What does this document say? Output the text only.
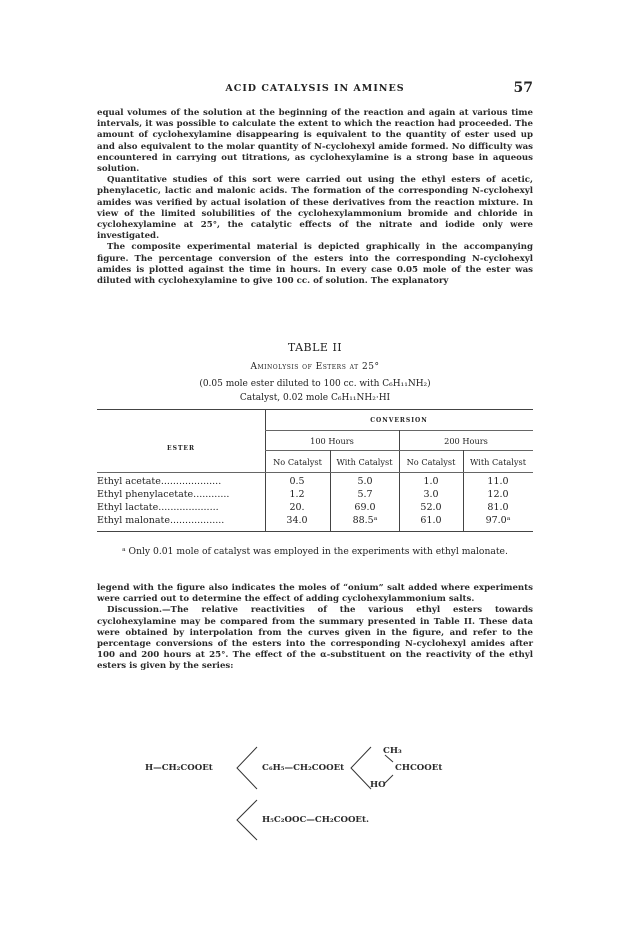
ACID CATALYSIS IN AMINES	57

equal volumes of the solution at the beginning of the reaction and again at various time intervals, it was possible to calculate the extent to which the reaction had proceeded. The amount of cyclohexylamine disappearing is equivalent to the quantity of ester used up and also equivalent to the molar quantity of N-cyclohexyl amide formed. No difficulty was encountered in carrying out titrations, as cyclohexylamine is a strong base in aqueous solution.

Quantitative studies of this sort were carried out using the ethyl esters of acetic, phenylacetic, lactic and malonic acids. The formation of the corresponding N-cyclohexyl amides was verified by actual isolation of these derivatives from the reaction mixture. In view of the limited solubilities of the cyclohexylammonium bromide and chloride in cyclohexylamine at 25°, the catalytic effects of the nitrate and iodide only were investigated.

The composite experimental material is depicted graphically in the accompanying figure. The percentage conversion of the esters into the corresponding N-cyclohexyl amides is plotted against the time in hours. In every case 0.05 mole of the ester was diluted with cyclohexylamine to give 100 cc. of solution. The explanatory

TABLE II
Aminolysis of Esters at 25°
(0.05 mole ester diluted to 100 cc. with C₆H₁₁NH₂)
Catalyst, 0.02 mole C₆H₁₁NH₂·HI
ESTER
CONVERSION
100 Hours	200 Hours
No Catalyst	With Catalyst	No Catalyst	With Catalyst
Ethyl acetate....................	0.5	5.0	1.0	11.0
Ethyl phenylacetate............	1.2	5.7	3.0	12.0
Ethyl lactate....................	20.	69.0	52.0	81.0
Ethyl malonate..................	34.0	88.5ᵃ	61.0	97.0ᵃ
ᵃ Only 0.01 mole of catalyst was employed in the experiments with ethyl malonate.

legend with the figure also indicates the moles of “onium” salt added where experiments were carried out to determine the effect of adding cyclohexylammonium salts.

Discussion.—The relative reactivities of the various ethyl esters towards cyclohexylamine may be compared from the summary presented in Table II. These data were obtained by interpolation from the curves given in the figure, and refer to the percentage conversions of the esters into the corresponding N-cyclohexyl amides after 100 and 200 hours at 25°. The effect of the α-substituent on the reactivity of the ethyl esters is given by the series:

H—CH₂COOEt	C₆H₅—CH₂COOEt
CH₃
CHCOOEt
HO
H₅C₂OOC—CH₂COOEt.
